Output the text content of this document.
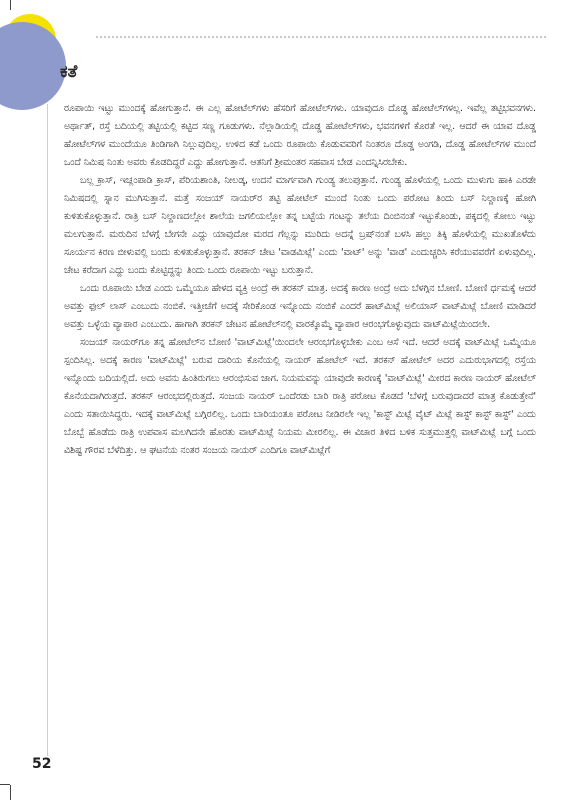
ಕತೆ

ರೂಪಾಯಿ ಇಟ್ಟು ಮುಂದಕ್ಕೆ ಹೋಗುತ್ತಾನೆ. ಈ ಎಲ್ಲ ಹೋಟೆಲ್‌ಗಳು ಹೆಸರಿಗೆ ಹೋಟೆಲ್‌ಗಳು. ಯಾವುದೂ ದೊಡ್ಡ ಹೋಟೆಲ್‌ಗಳಲ್ಲ. ಇವೆಲ್ಲ ತಟ್ಟಿಭವನಗಳು. ಅರ್ಥಾತ್, ರಸ್ತೆ ಬದಿಯಲ್ಲಿ ತಟ್ಟಿಯಲ್ಲಿ ಕಟ್ಟಿದ ಸಣ್ಣ ಗೂಡುಗಳು. ನೆಲ್ಲಾಡಿಯಲ್ಲಿ ದೊಡ್ಡ ಹೋಟೆಲ್‌ಗಳು, ಭವನಗಳಿಗೆ ಕೊರತೆ ಇಲ್ಲ. ಆದರೆ ಈ ಯಾವ ದೊಡ್ಡ ಹೋಟೆಲ್‌ಗಳ ಮುಂದೆಯೂ ತಿಂಡಿಗಾಗಿ ನಿಲ್ಲುವುದಿಲ್ಲ. ಉಳಿದ ಕಡೆ ಒಂದು ರೂಪಾಯಿ ಕೊಡುವವರಿಗೆ ನಿಂತರೂ ದೊಡ್ಡ ಅಂಗಡಿ, ದೊಡ್ಡ ಹೋಟೆಲ್‌ಗಳ ಮುಂದೆ ಒಂದೆ ನಿಮಿಷ ನಿಂತು ಅವರು ಕೊಡದಿದ್ದರೆ ಎದ್ದು ಹೋಗುತ್ತಾನೆ. ಆತನಿಗೆ ಶ್ರೀಮಂತರ ಸಹವಾಸ ಬೇಡ ಎಂದನ್ನಿಸಿರಬೇಕು.

ಬಲ್ಲ ಕ್ರಾಸ್, ಇಚ್ಲಂಪಾಡಿ ಕ್ರಾಸ್, ಪೆರಿಯಶಾಂತಿ, ನೀಲಡ್ಕ, ಉದನೆ ಮಾರ್ಗವಾಗಿ ಗುಂಡ್ಯ ತಲುಪುತ್ತಾನೆ. ಗುಂಡ್ಯ ಹೊಳೆಯಲ್ಲಿ ಒಂದು ಮುಳುಗು ಹಾಕಿ ಎರಡೇ ನಿಮಿಷದಲ್ಲಿ ಸ್ನಾನ ಮುಗಿಸುತ್ತಾನೆ. ಮತ್ತೆ ಸಂಜಯ್ ನಾಯರ್‌ರ ತಟ್ಟಿ ಹೋಟೆಲ್ ಮುಂದೆ ನಿಂತು ಒಂದು ಪರೋಟ ತಿಂದು ಬಸ್ ನಿಲ್ದಾಣಕ್ಕೆ ಹೋಗಿ ಕುಳಿತುಕೊಳ್ಳುತ್ತಾನೆ. ರಾತ್ರಿ ಬಸ್ ನಿಲ್ದಾಣದಲ್ಲೋ ಶಾಲೆಯ ಜಗಲಿಯಲ್ಲೋ ತನ್ನ ಬಟ್ಟೆಯ ಗಂಟನ್ನು ತಲೆಯ ದಿಂಬಿನಂತೆ ಇಟ್ಟುಕೊಂಡು, ಪಕ್ಕದಲ್ಲಿ ಕೋಲು ಇಟ್ಟು ಮಲಗುತ್ತಾನೆ. ಮರುದಿನ ಬೆಳಗ್ಗೆ ಬೇಗನೇ ಎದ್ದು ಯಾವುದೋ ಮರದ ಗೆಲ್ಲನ್ನು ಮುರಿದು ಅದನ್ನೆ ಬ್ರಷ್‌ನಂತೆ ಬಳಸಿ ಹಲ್ಲು ತಿಕ್ಕಿ ಹೊಳೆಯಲ್ಲಿ ಮುಖತೊಳೆದು ಸೂರ್ಯನ ಕಿರಣ ಬೀಳುವಲ್ಲಿ ಬಂದು ಕುಳಿತುಕೊಳ್ಳುತ್ತಾನೆ. ತರಕನ್ ಚೇಟ 'ವಾಡಮಿಟ್ಲೆ' ಎಂದು 'ವಾಟ್' ಅನ್ನು 'ವಾಡ' ಎಂದುಚ್ಚರಿಸಿ ಕರೆಯುವವರೆಗೆ ಏಳುವುದಿಲ್ಲ. ಚೇಟ ಕರೆದಾಗ ಎದ್ದು ಬಂದು ಕೊಟ್ಟಿದ್ದನ್ನು ತಿಂದು ಒಂದು ರೂಪಾಯಿ ಇಟ್ಟು ಬರುತ್ತಾನೆ.

ಒಂದು ರೂಪಾಯಿ ಬೇಡ ಎಂದು ಒಮ್ಮೆಯೂ ಹೇಳದ ವ್ಯಕ್ತಿ ಅಂದ್ರೆ ಈ ತರಕನ್ ಮಾತ್ರ. ಅದಕ್ಕೆ ಕಾರಣ ಅಂದ್ರೆ ಅದು ಬೆಳಗ್ಗಿನ ಬೋಣಿ. ಬೋಣಿ ರ್ಧಮಕ್ಕೆ ಆದರೆ ಅವತ್ತು ಫುಲ್ ಲಾಸ್ ಎಂಬುದು ನಂಬಿಕೆ. ಇತ್ತೀಚೆಗೆ ಅದಕ್ಕೆ ಸೇರಿಕೊಂಡ ಇನ್ನೊಂದು ನಂಬಿಕೆ ಎಂದರೆ ಹಾಟ್‌ಮಿಟ್ಲೆ ಅಲಿಯಾಸ್ ವಾಟ್‌ಮಿಟ್ಲೆ ಬೋಣಿ ಮಾಡಿದರೆ ಅವತ್ತು ಒಳ್ಳೆಯ ವ್ಯಾಪಾರ ಎಂಬುದು. ಹಾಗಾಗಿ ತರಕನ್ ಚೇಟನ ಹೋಟೆಲ್‌ನಲ್ಲಿ ವಾರಕ್ಕೊಮ್ಮೆ ವ್ಯಾಪಾರ ಆರಂಭಗೊಳ್ಳುವುದು ವಾಟ್‌ಮಿಟ್ಲೆಯಿಂದಲೇ.

ಸಂಜಯ್ ನಾಯರ್‌ಗೂ ತನ್ನ ಹೋಟೆಲ್‌ನ ಬೋಣಿ 'ವಾಟ್‌ಮಿಟ್ಲೆ'ಯಿಂದಲೇ ಆರಂಭಗೊಳ್ಳಬೇಕು ಎಂಬ ಆಸೆ ಇದೆ. ಆದರೆ ಅದಕ್ಕೆ ವಾಟ್‌ಮಿಟ್ಲೆ ಒಮ್ಮೆಯೂ ಸ್ಪಂದಿಸಿಲ್ಲ. ಅದಕ್ಕೆ ಕಾರಣ 'ವಾಟ್‌ಮಿಟ್ಲೆ' ಬರುವ ದಾರಿಯ ಕೊನೆಯಲ್ಲಿ ನಾಯರ್ ಹೋಟೆಲ್ ಇದೆ. ತರಕನ್ ಹೋಟೆಲ್ ಅದರ ಎದುರುಭಾಗದಲ್ಲಿ ರಸ್ತೆಯ ಇನ್ನೊಂದು ಬದಿಯಲ್ಲಿದೆ. ಅದು ಅವನು ಹಿಂತಿರುಗಲು ಆರಂಭಿಸುವ ಜಾಗ. ನಿಯಮವನ್ನು ಯಾವುದೇ ಕಾರಣಕ್ಕೆ 'ವಾಟ್‌ಮಿಟ್ಲೆ' ಮೀರದ ಕಾರಣ ನಾಯರ್ ಹೋಟೆಲ್ ಕೊನೆಯದಾಗಿರುತ್ತದೆ. ತರಕನ್ ಆರಂಭದಲ್ಲಿರುತ್ತದೆ. ಸಂಜಯ ನಾಯರ್ ಒಂದೆರಡು ಬಾರಿ ರಾತ್ರಿ ಪರೋಟ ಕೊಡದೆ 'ಬೆಳಗ್ಗೆ ಬರುವುದಾದರೆ ಮಾತ್ರ ಕೊಡುತ್ತೇನೆ' ಎಂದು ಸತಾಯಿಸಿದ್ದರು. ಇದಕ್ಕೆ ವಾಟ್‌ಮಿಟ್ಲೆ ಬಗ್ಗಿರಲಿಲ್ಲ. ಒಂದು ಬಾರಿಯಂತೂ ಪರೋಟ ನೀಡಿರಲೇ ಇಲ್ಲ 'ಕಾಸ್ಟ್ ಮಿಟ್ಲೆ ವೈಟ್ ಮಿಟ್ಲೆ ಕಾಸ್ಟ್ ಕಾಸ್ಟ್ ಕಾಸ್ಟ್' ಎಂದು ಬೊಬ್ಬೆ ಹೊಡೆದು ರಾತ್ರಿ ಉಪವಾಸ ಮಲಗಿದನೇ ಹೊರತು ವಾಟ್‌ಮಿಟ್ಲೆ ನಿಯಮ ಮೀರಲಿಲ್ಲ. ಈ ವಿಚಾರ ತಿಳಿದ ಬಳಿಕ ಸುತ್ತಮುತ್ತಲ್ಲಿ ವಾಟ್‌ಮಿಟ್ಲೆ ಬಗ್ಗೆ ಒಂದು ವಿಶಿಷ್ಟ ಗೌರವ ಬೆಳೆದಿತ್ತು. ಆ ಘಟನೆಯ ನಂತರ ಸಂಜಯ ನಾಯರ್ ಎಂದಿಗೂ ವಾಟ್‌ಮಿಟ್ಲೆಗೆ

52
